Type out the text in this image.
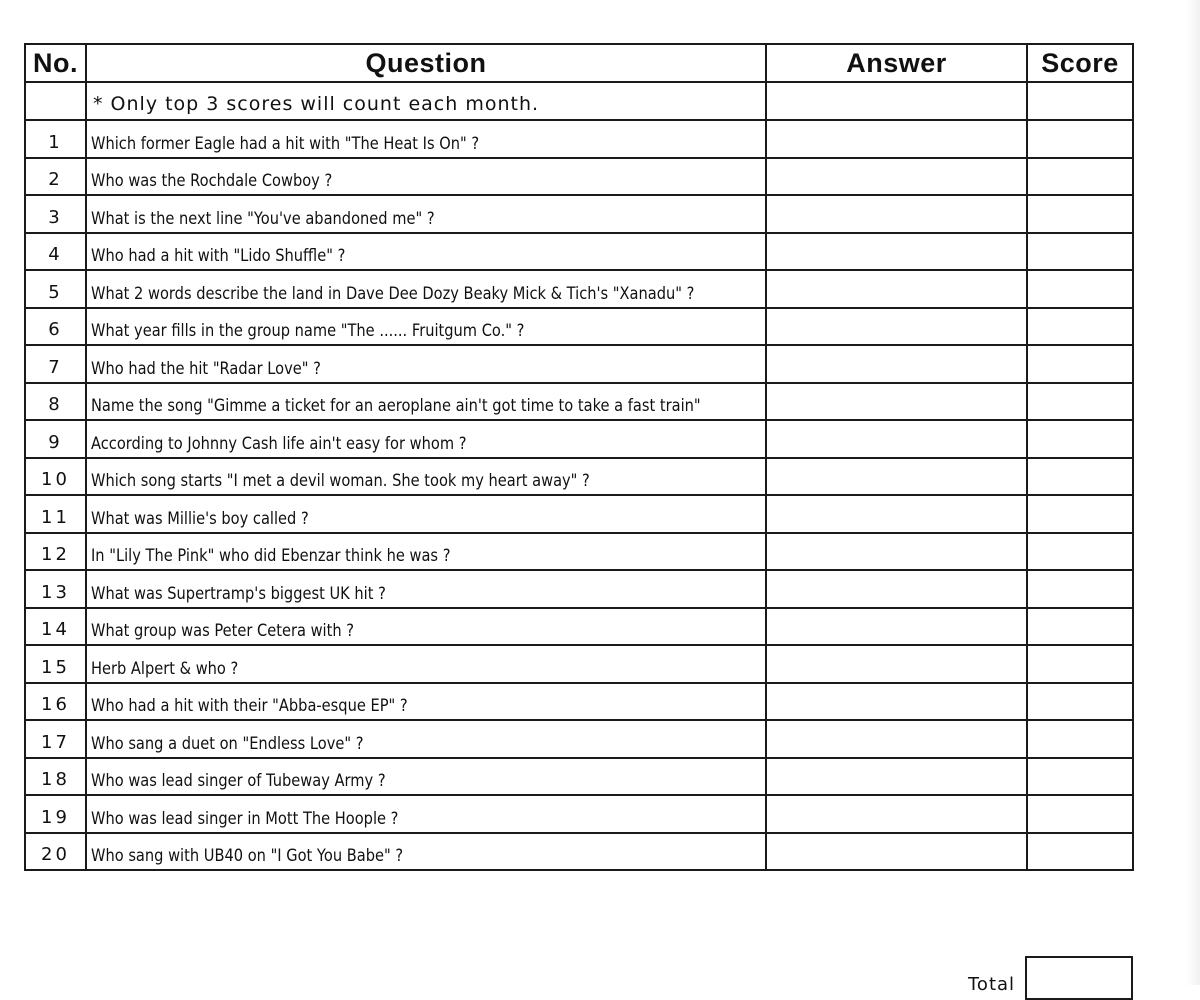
No.	Question	Answer	Score
	* Only top 3 scores will count each month.		
1	Which former Eagle had a hit with "The Heat Is On" ?		
2	Who was the Rochdale Cowboy ?		
3	What is the next line "You've abandoned me" ?		
4	Who had a hit with "Lido Shuffle" ?		
5	What 2 words describe the land in Dave Dee Dozy Beaky Mick & Tich's "Xanadu" ?		
6	What year fills in the group name "The ...... Fruitgum Co." ?		
7	Who had the hit "Radar Love" ?		
8	Name the song "Gimme a ticket for an aeroplane ain't got time to take a fast train"		
9	According to Johnny Cash life ain't easy for whom ?		
10	Which song starts "I met a devil woman. She took my heart away" ?		
11	What was Millie's boy called ?		
12	In "Lily The Pink" who did Ebenzar think he was ?		
13	What was Supertramp's biggest UK hit ?		
14	What group was Peter Cetera with ?		
15	Herb Alpert & who ?		
16	Who had a hit with their "Abba-esque EP" ?		
17	Who sang a duet on "Endless Love" ?		
18	Who was lead singer of Tubeway Army ?		
19	Who was lead singer in Mott The Hoople ?		
20	Who sang with UB40 on "I Got You Babe" ?		
Total
